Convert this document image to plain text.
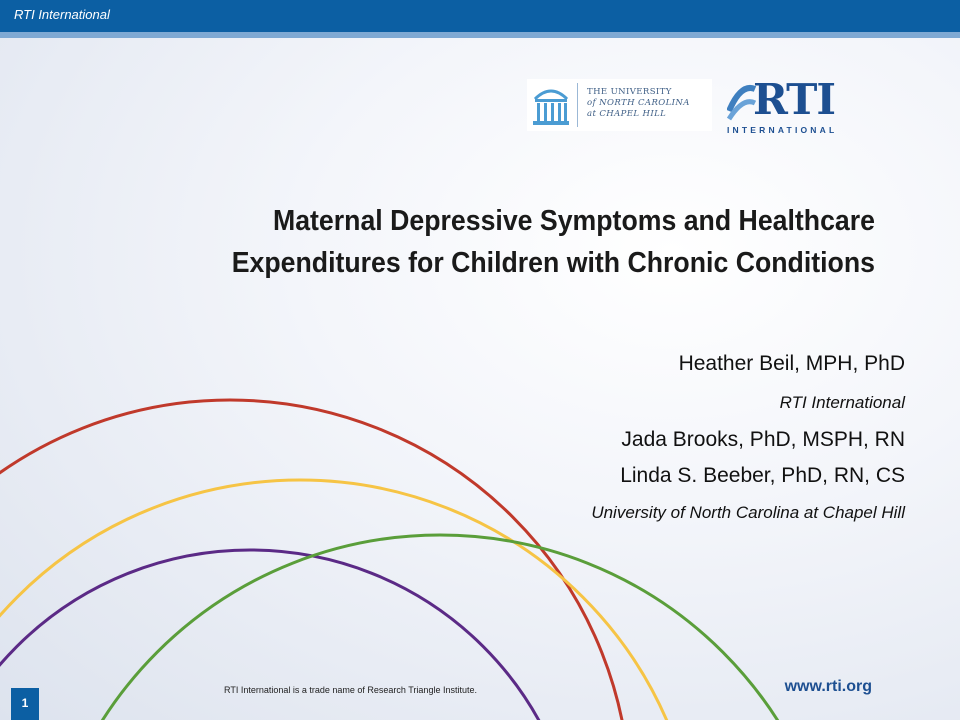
RTI International
THE UNIVERSITY
of NORTH CAROLINA
at CHAPEL HILL	RTI
INTERNATIONAL
Maternal Depressive Symptoms and Healthcare
Expenditures for Children with Chronic Conditions
Heather Beil, MPH, PhD
RTI International
Jada Brooks, PhD, MSPH, RN
Linda S. Beeber, PhD, RN, CS
University of North Carolina at Chapel Hill
1
RTI International is a trade name of Research Triangle Institute.	www.rti.org
